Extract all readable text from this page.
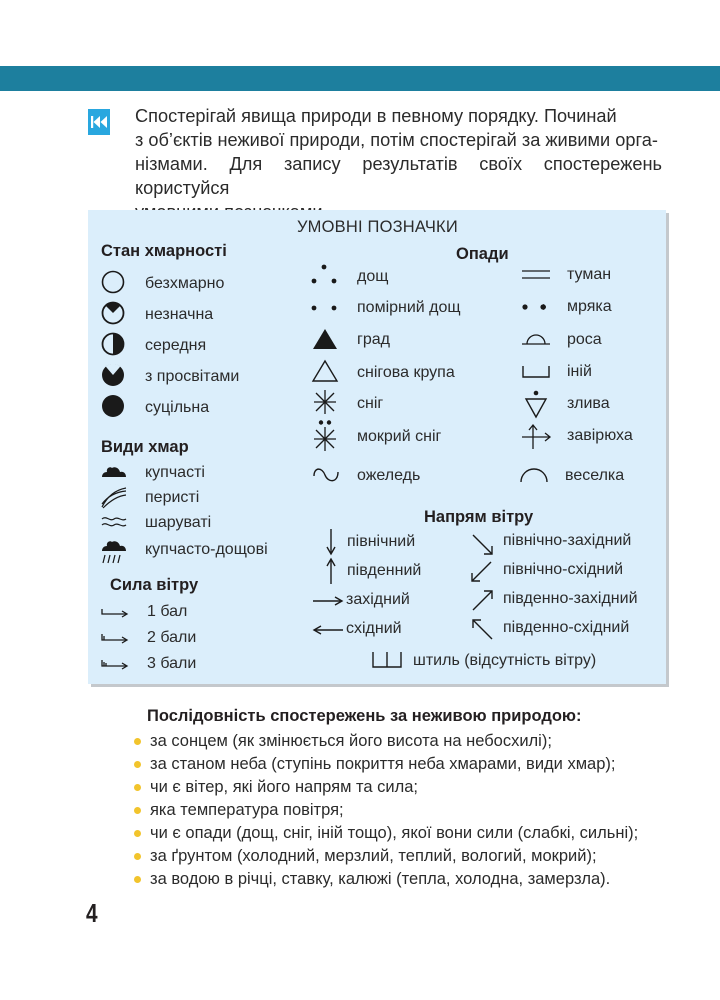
Спостерігай явища природи в певному порядку. Починай
з об’єктів неживої природи, потім спостерігай за живими орга-
нізмами. Для запису результатів своїх спостережень користуйся
УМОВНІ ПОЗНАЧКИ
Стан хмарності
безхмарно
незначна
середня
з просвітами
суцільна
Види хмар
купчасті
перисті
шаруваті
купчасто-дощові
Сила вітру
1 бал
2 бали
3 бали
Опади
дощ
помірний дощ
град
снігова крупа
сніг
мокрий сніг
ожеледь
туман
мряка
роса
іній
злива
завірюха
веселка
Напрям вітру
північний
південний
західний
східний
північно-західний
північно-східний
південно-західний
південно-східний
штиль (відсутність вітру)
Послідовність спостережень за неживою природою:
за сонцем (як змінюється його висота на небосхилі);
за станом неба (ступінь покриття неба хмарами, види хмар);
чи є вітер, які його напрям та сила;
яка температура повітря;
чи є опади (дощ, сніг, іній тощо), якої вони сили (слабкі, сильні);
за ґрунтом (холодний, мерзлий, теплий, вологий, мокрий);
за водою в річці, ставку, калюжі (тепла, холодна, замерзла).
4
